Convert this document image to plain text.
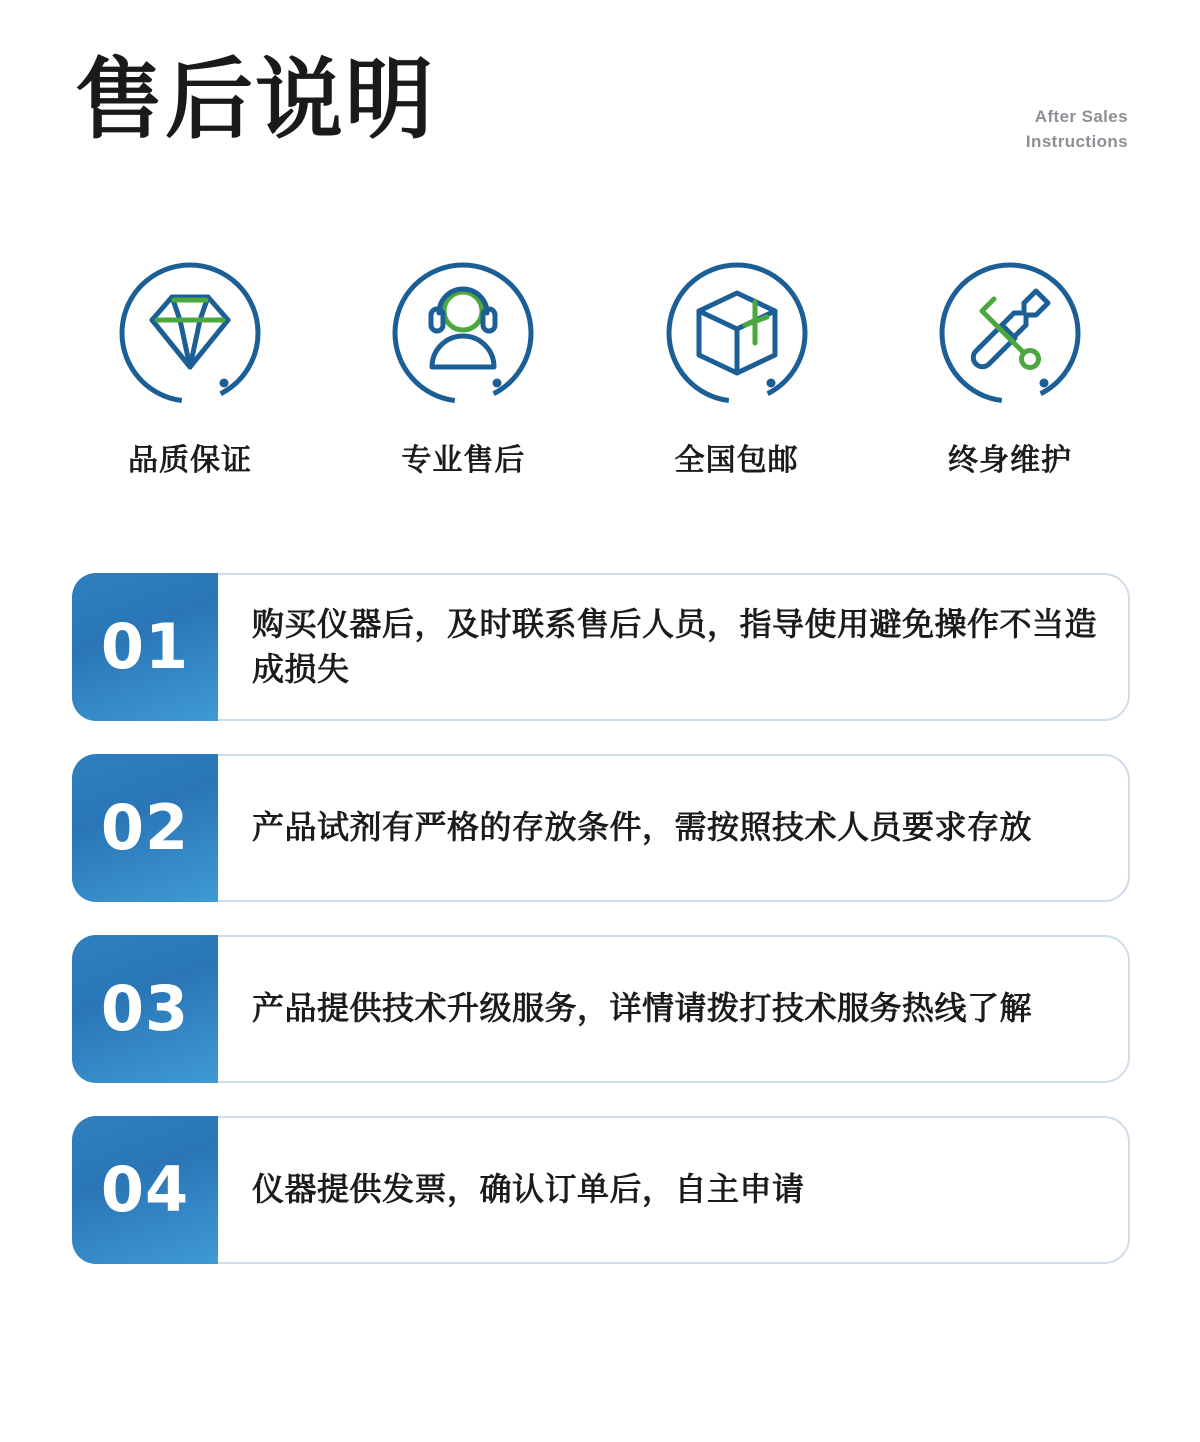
售后说明	After Sales
Instructions
品质保证	专业售后	全国包邮	终身维护
01	购买仪器后，及时联系售后人员，指导使用避免操作不当造成损失
02	产品试剂有严格的存放条件，需按照技术人员要求存放
03	产品提供技术升级服务，详情请拨打技术服务热线了解
04	仪器提供发票，确认订单后，自主申请
